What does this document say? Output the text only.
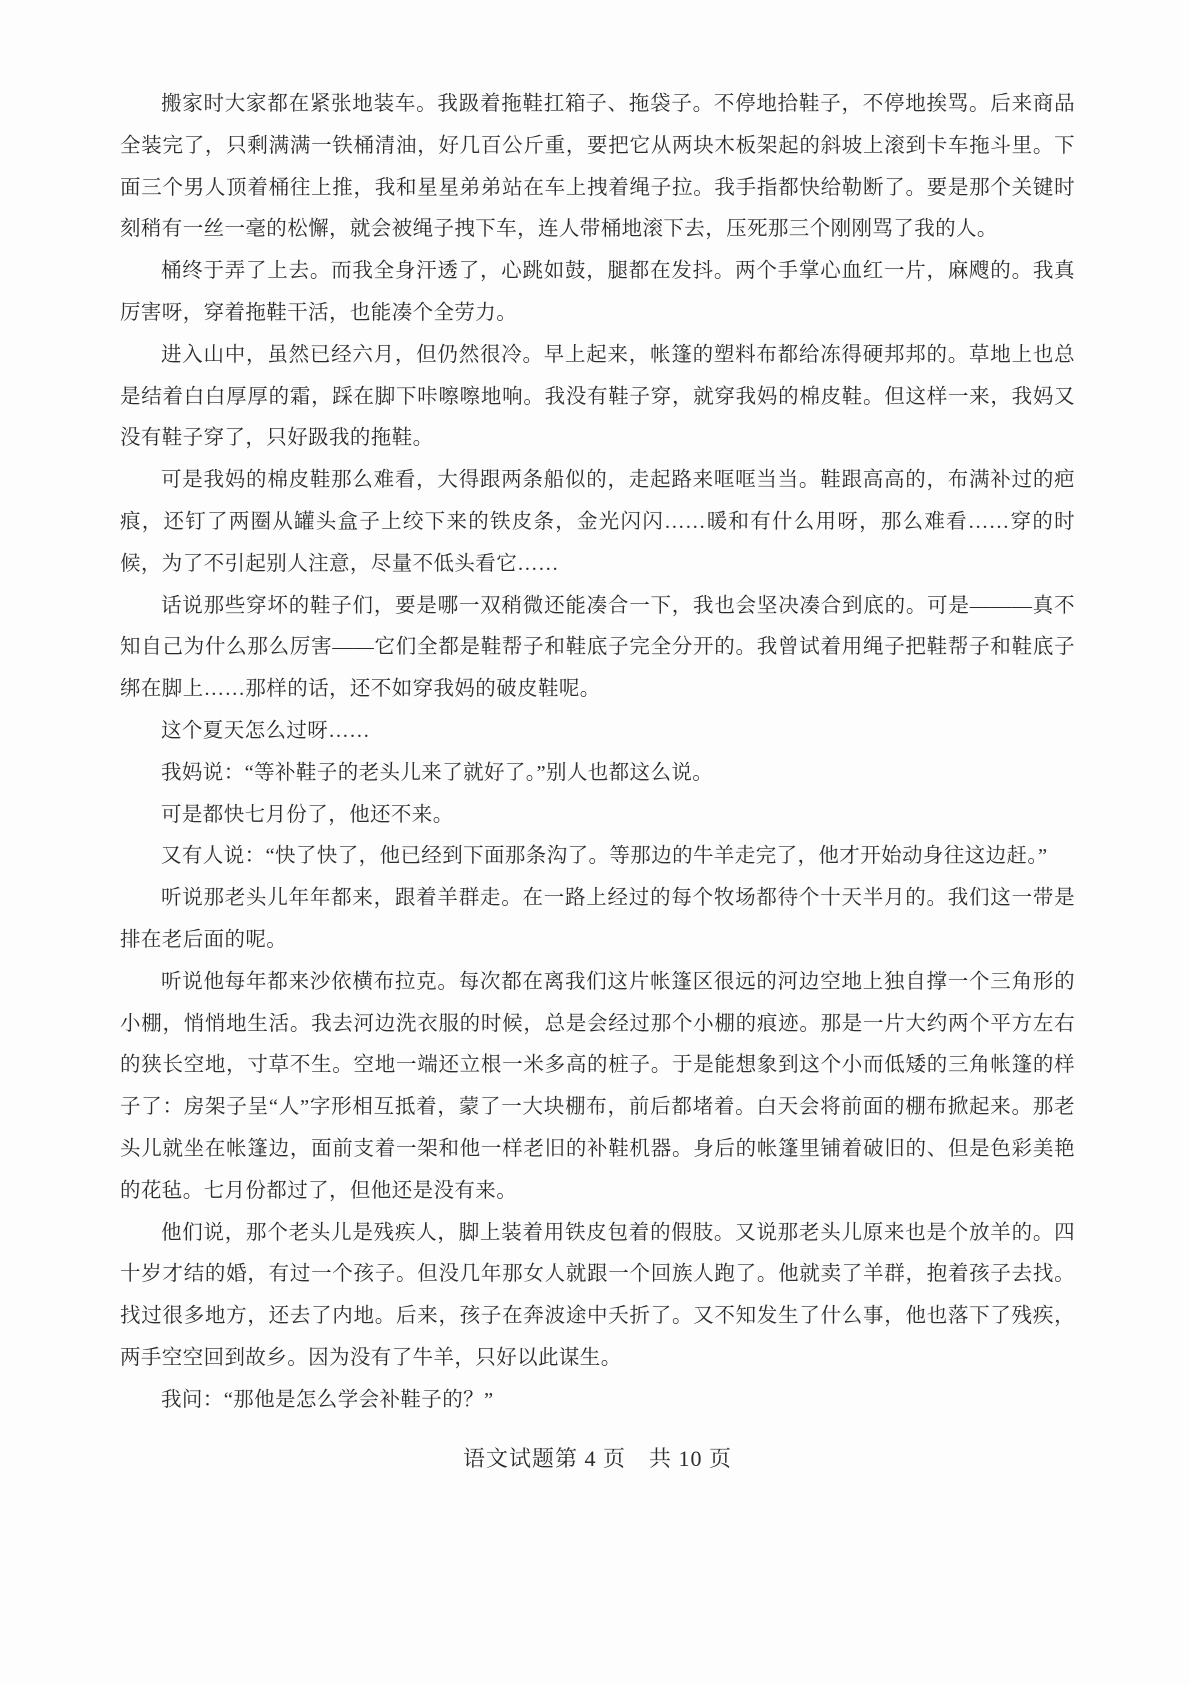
搬家时大家都在紧张地装车。我趿着拖鞋扛箱子、拖袋子。不停地拾鞋子，不停地挨骂。后来商品全装完了，只剩满满一铁桶清油，好几百公斤重，要把它从两块木板架起的斜坡上滚到卡车拖斗里。下面三个男人顶着桶往上推，我和星星弟弟站在车上拽着绳子拉。我手指都快给勒断了。要是那个关键时刻稍有一丝一毫的松懈，就会被绳子拽下车，连人带桶地滚下去，压死那三个刚刚骂了我的人。

桶终于弄了上去。而我全身汗透了，心跳如鼓，腿都在发抖。两个手掌心血红一片，麻飕的。我真厉害呀，穿着拖鞋干活，也能凑个全劳力。

进入山中，虽然已经六月，但仍然很冷。早上起来，帐篷的塑料布都给冻得硬邦邦的。草地上也总是结着白白厚厚的霜，踩在脚下咔嚓嚓地响。我没有鞋子穿，就穿我妈的棉皮鞋。但这样一来，我妈又没有鞋子穿了，只好趿我的拖鞋。

可是我妈的棉皮鞋那么难看，大得跟两条船似的，走起路来哐哐当当。鞋跟高高的，布满补过的疤痕，还钉了两圈从罐头盒子上绞下来的铁皮条，金光闪闪……暖和有什么用呀，那么难看……穿的时候，为了不引起别人注意，尽量不低头看它……

话说那些穿坏的鞋子们，要是哪一双稍微还能凑合一下，我也会坚决凑合到底的。可是———真不知自己为什么那么厉害——它们全都是鞋帮子和鞋底子完全分开的。我曾试着用绳子把鞋帮子和鞋底子绑在脚上……那样的话，还不如穿我妈的破皮鞋呢。

这个夏天怎么过呀……

我妈说：“等补鞋子的老头儿来了就好了。”别人也都这么说。

可是都快七月份了，他还不来。

又有人说：“快了快了，他已经到下面那条沟了。等那边的牛羊走完了，他才开始动身往这边赶。”

听说那老头儿年年都来，跟着羊群走。在一路上经过的每个牧场都待个十天半月的。我们这一带是排在老后面的呢。

听说他每年都来沙依横布拉克。每次都在离我们这片帐篷区很远的河边空地上独自撑一个三角形的小棚，悄悄地生活。我去河边洗衣服的时候，总是会经过那个小棚的痕迹。那是一片大约两个平方左右的狭长空地，寸草不生。空地一端还立根一米多高的桩子。于是能想象到这个小而低矮的三角帐篷的样子了：房架子呈“人”字形相互抵着，蒙了一大块棚布，前后都堵着。白天会将前面的棚布掀起来。那老头儿就坐在帐篷边，面前支着一架和他一样老旧的补鞋机器。身后的帐篷里铺着破旧的、但是色彩美艳的花毡。七月份都过了，但他还是没有来。

他们说，那个老头儿是残疾人，脚上装着用铁皮包着的假肢。又说那老头儿原来也是个放羊的。四十岁才结的婚，有过一个孩子。但没几年那女人就跟一个回族人跑了。他就卖了羊群，抱着孩子去找。找过很多地方，还去了内地。后来，孩子在奔波途中夭折了。又不知发生了什么事，他也落下了残疾，两手空空回到故乡。因为没有了牛羊，只好以此谋生。

我问：“那他是怎么学会补鞋子的？”

语文试题第 4 页　共 10 页
